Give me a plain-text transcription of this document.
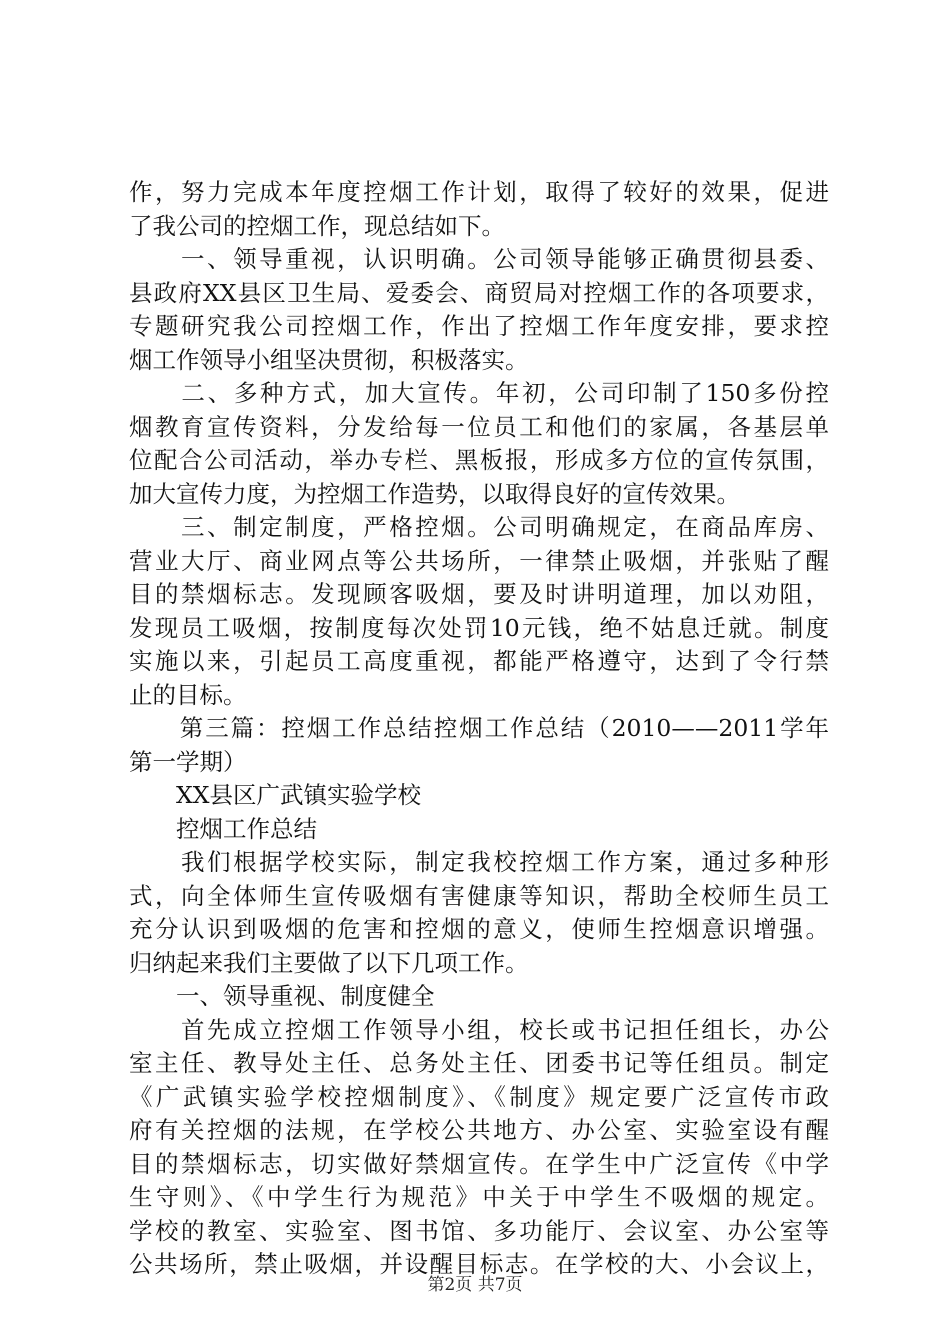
作，努力完成本年度控烟工作计划，取得了较好的效果，促进
了我公司的控烟工作，现总结如下。
　　一、领导重视，认识明确。公司领导能够正确贯彻县委、
县政府XX县区卫生局、爱委会、商贸局对控烟工作的各项要求，
专题研究我公司控烟工作，作出了控烟工作年度安排，要求控
烟工作领导小组坚决贯彻，积极落实。
　　二、多种方式，加大宣传。年初，公司印制了150多份控
烟教育宣传资料，分发给每一位员工和他们的家属，各基层单
位配合公司活动，举办专栏、黑板报，形成多方位的宣传氛围，
加大宣传力度，为控烟工作造势，以取得良好的宣传效果。
　　三、制定制度，严格控烟。公司明确规定，在商品库房、
营业大厅、商业网点等公共场所，一律禁止吸烟，并张贴了醒
目的禁烟标志。发现顾客吸烟，要及时讲明道理，加以劝阻，
发现员工吸烟，按制度每次处罚10元钱，绝不姑息迁就。制度
实施以来，引起员工高度重视，都能严格遵守，达到了令行禁
止的目标。
　　第三篇：控烟工作总结控烟工作总结（2010——2011学年
第一学期）
　　XX县区广武镇实验学校
　　控烟工作总结
　　我们根据学校实际，制定我校控烟工作方案，通过多种形
式，向全体师生宣传吸烟有害健康等知识，帮助全校师生员工
充分认识到吸烟的危害和控烟的意义，使师生控烟意识增强。
归纳起来我们主要做了以下几项工作。
　　一、领导重视、制度健全
　　首先成立控烟工作领导小组，校长或书记担任组长，办公
室主任、教导处主任、总务处主任、团委书记等任组员。制定
《广武镇实验学校控烟制度》、《制度》规定要广泛宣传市政
府有关控烟的法规，在学校公共地方、办公室、实验室设有醒
目的禁烟标志，切实做好禁烟宣传。在学生中广泛宣传《中学
生守则》、《中学生行为规范》中关于中学生不吸烟的规定。
学校的教室、实验室、图书馆、多功能厅、会议室、办公室等
公共场所，禁止吸烟，并设醒目标志。在学校的大、小会议上，
第2页 共7页
